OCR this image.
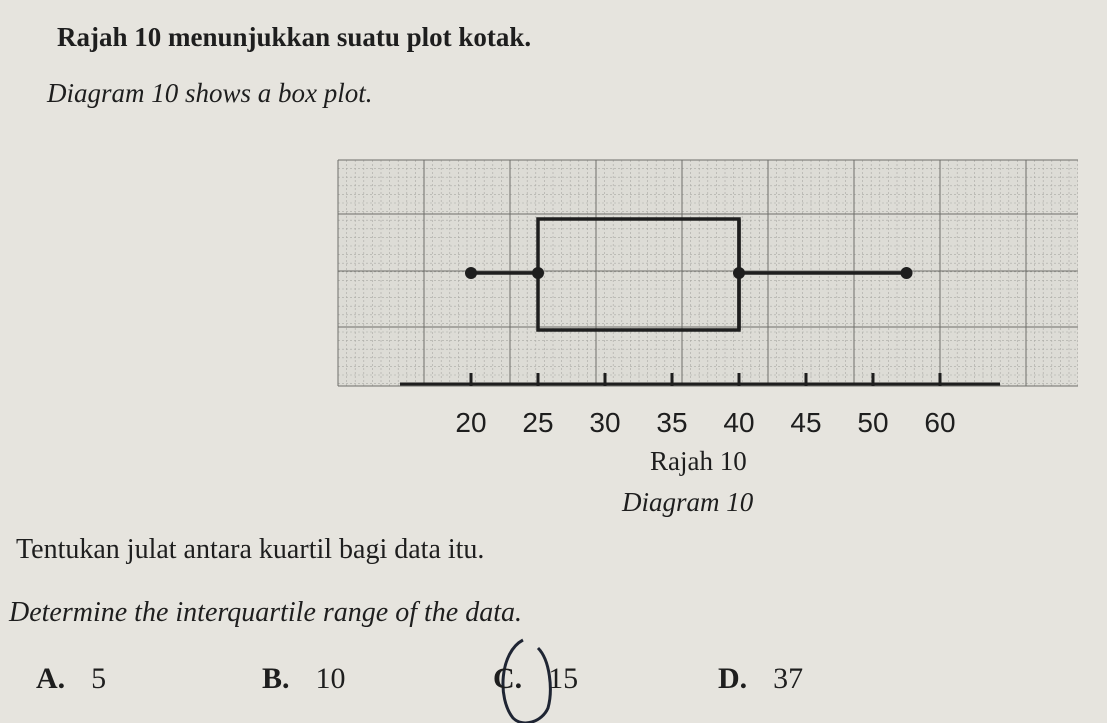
Rajah 10 menunjukkan suatu plot kotak.
Diagram 10 shows a box plot.
20 25 30 35 40 45 50 60
Rajah 10
Diagram 10
Tentukan julat antara kuartil bagi data itu.
Determine the interquartile range of the data.
A. 5	B. 10	C. 15	D. 37
